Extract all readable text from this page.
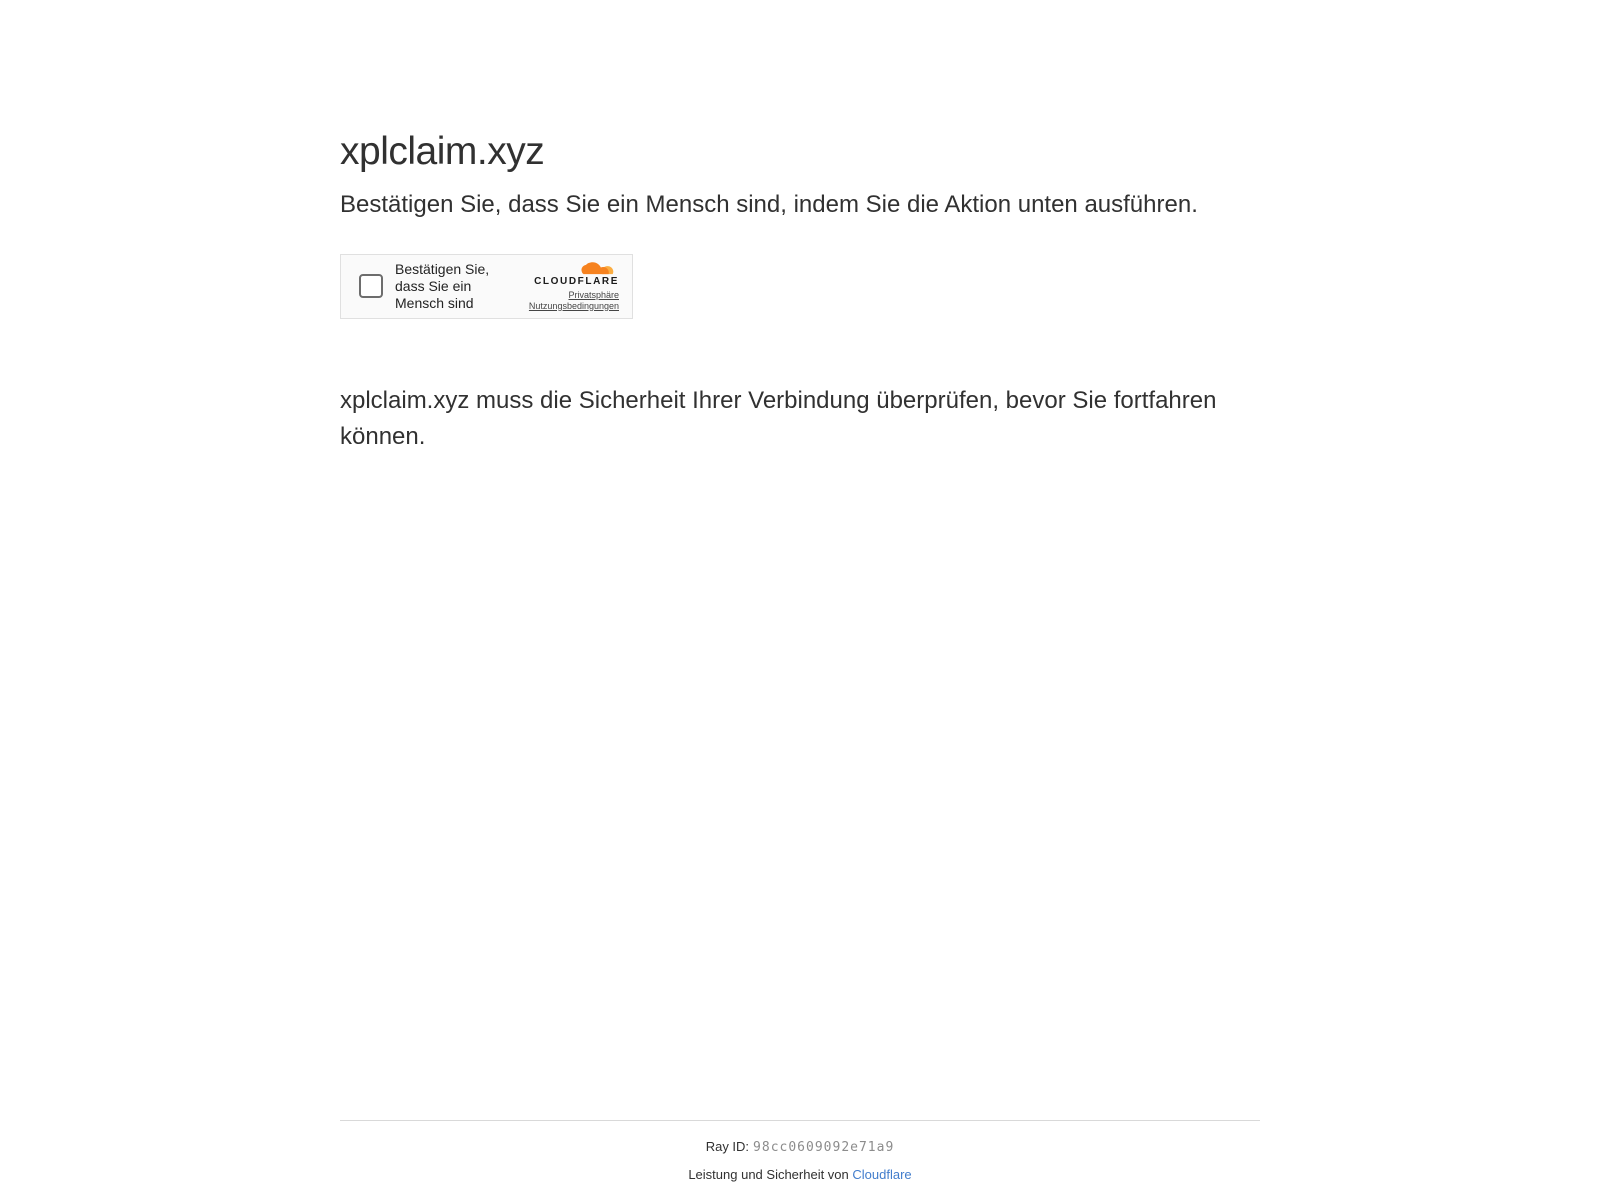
xplclaim.xyz
Bestätigen Sie, dass Sie ein Mensch sind, indem Sie die Aktion unten ausführen.
Bestätigen Sie, dass Sie ein Mensch sind
CLOUDFLARE
Privatsphäre
Nutzungsbedingungen

xplclaim.xyz muss die Sicherheit Ihrer Verbindung überprüfen, bevor Sie fortfahren können.

Ray ID: 98cc0609092e71a9
Leistung und Sicherheit von Cloudflare
